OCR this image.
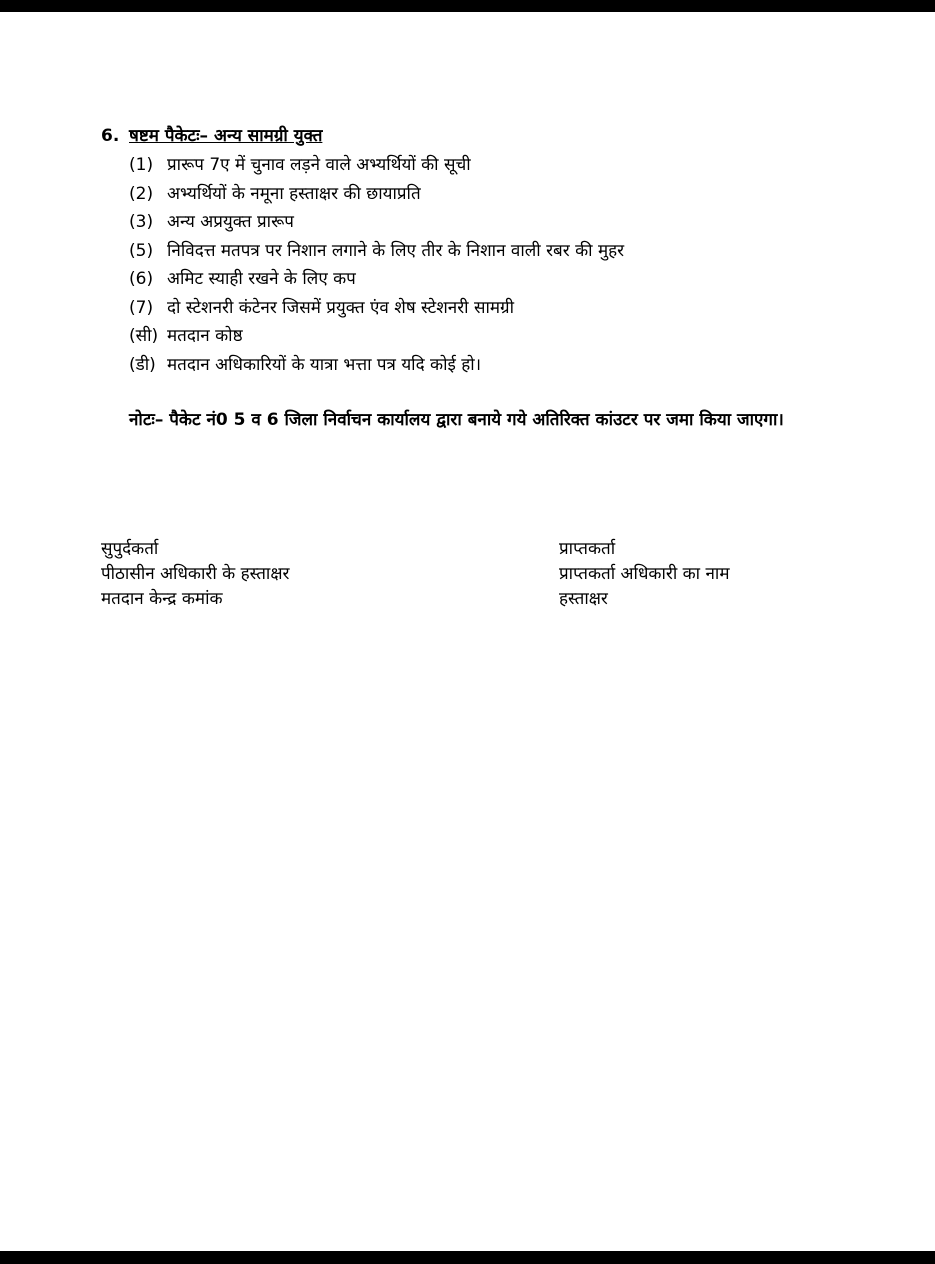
6. षष्टम पैकेटः– अन्य सामग्री युक्त
(1) प्रारूप 7ए में चुनाव लड़ने वाले अभ्यर्थियों की सूची
(2) अभ्यर्थियों के नमूना हस्ताक्षर की छायाप्रति
(3) अन्य अप्रयुक्त प्रारूप
(5) निविदत्त मतपत्र पर निशान लगाने के लिए तीर के निशान वाली रबर की मुहर
(6) अमिट स्याही रखने के लिए कप
(7) दो स्टेशनरी कंटेनर जिसमें प्रयुक्त एंव शेष स्टेशनरी सामग्री
(सी) मतदान कोष्ठ
(डी) मतदान अधिकारियों के यात्रा भत्ता पत्र यदि कोई हो।
नोटः– पैकेट नं0 5 व 6 जिला निर्वाचन कार्यालय द्वारा बनाये गये अतिरिक्त कांउटर पर जमा किया जाएगा।
सुपुर्दकर्ता
पीठासीन अधिकारी के हस्ताक्षर
मतदान केन्द्र कमांक
प्राप्तकर्ता
प्राप्तकर्ता अधिकारी का नाम
हस्ताक्षर
